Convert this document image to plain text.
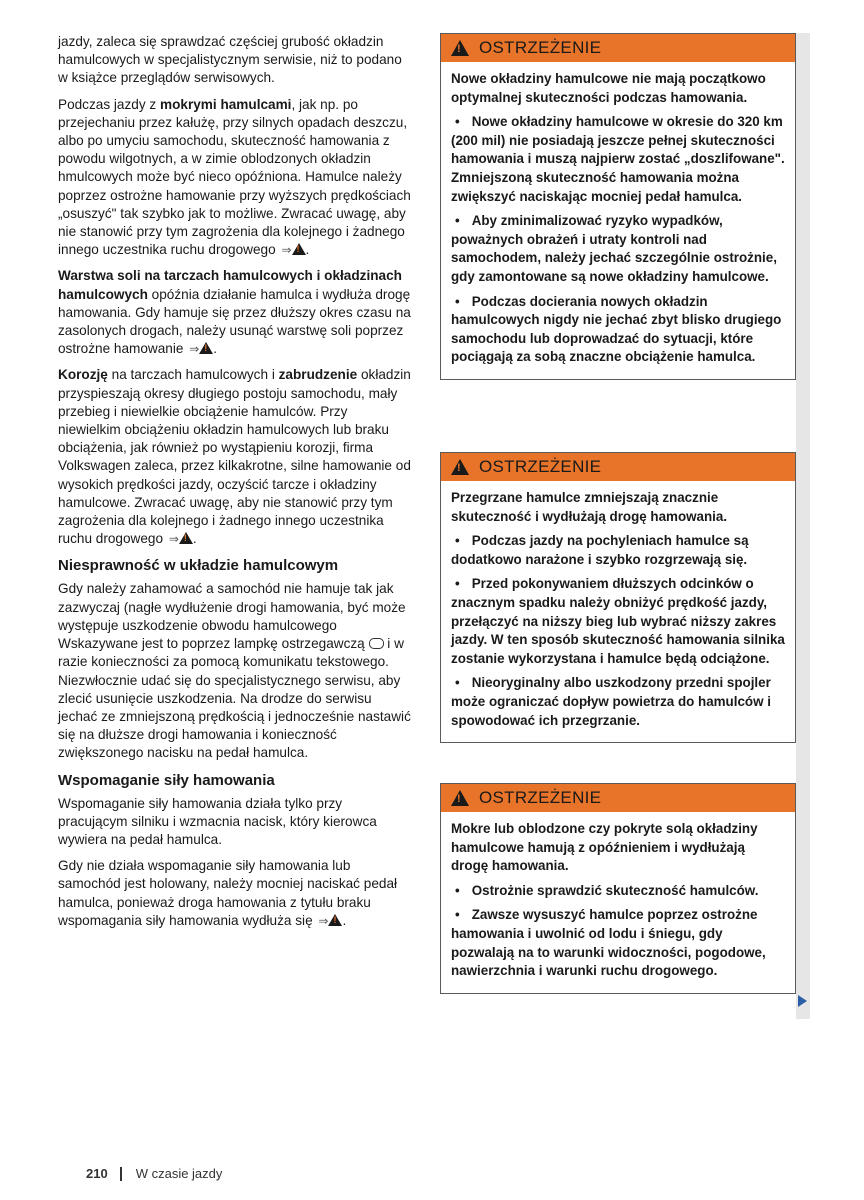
jazdy, zaleca się sprawdzać częściej grubość okładzin hamulcowych w specjalistycznym serwisie, niż to podano w książce przeglądów serwisowych.

Podczas jazdy z mokrymi hamulcami, jak np. po przejechaniu przez kałużę, przy silnych opadach deszczu, albo po umyciu samochodu, skuteczność hamowania z powodu wilgotnych, a w zimie oblodzonych okładzin hmulcowych może być nieco opóźniona. Hamulce należy poprzez ostrożne hamowanie przy wyższych prędkościach „osuszyć" tak szybko jak to możliwe. Zwracać uwagę, aby nie stanowić przy tym zagrożenia dla kolejnego i żadnego innego uczestnika ruchu drogowego ⇒ ! .

Warstwa soli na tarczach hamulcowych i okładzinach hamulcowych opóźnia działanie hamulca i wydłuża drogę hamowania. Gdy hamuje się przez dłuższy okres czasu na zasolonych drogach, należy usunąć warstwę soli poprzez ostrożne hamowanie ⇒ ! .

Korozję na tarczach hamulcowych i zabrudzenie okładzin przyspieszają okresy długiego postoju samochodu, mały przebieg i niewielkie obciążenie hamulców. Przy niewielkim obciążeniu okładzin hamulcowych lub braku obciążenia, jak również po wystąpieniu korozji, firma Volkswagen zaleca, przez kilkakrotne, silne hamowanie od wysokich prędkości jazdy, oczyścić tarcze i okładziny hamulcowe. Zwracać uwagę, aby nie stanowić przy tym zagrożenia dla kolejnego i żadnego innego uczestnika ruchu drogowego ⇒ ! .

Niesprawność w układzie hamulcowym

Gdy należy zahamować a samochód nie hamuje tak jak zazwyczaj (nagłe wydłużenie drogi hamowania, być może występuje uszkodzenie obwodu hamulcowego Wskazywane jest to poprzez lampkę ostrzegawczą  i w razie konieczności za pomocą komunikatu tekstowego. Niezwłocznie udać się do specjalistycznego serwisu, aby zlecić usunięcie uszkodzenia. Na drodze do serwisu jechać ze zmniejszoną prędkością i jednocześnie nastawić się na dłuższe drogi hamowania i konieczność zwiększonego nacisku na pedał hamulca.

Wspomaganie siły hamowania

Wspomaganie siły hamowania działa tylko przy pracującym silniku i wzmacnia nacisk, który kierowca wywiera na pedał hamulca.

Gdy nie działa wspomaganie siły hamowania lub samochód jest holowany, należy mocniej naciskać pedał hamulca, ponieważ droga hamowania z tytułu braku wspomagania siły hamowania wydłuża się ⇒ ! .

!
OSTRZEŻENIE

Nowe okładziny hamulcowe nie mają początkowo optymalnej skuteczności podczas hamowania.

• Nowe okładziny hamulcowe w okresie do 320 km (200 mil) nie posiadają jeszcze pełnej skuteczności hamowania i muszą najpierw zostać „doszlifowane". Zmniejszoną skuteczność hamowania można zwiększyć naciskając mocniej pedał hamulca.

• Aby zminimalizować ryzyko wypadków, poważnych obrażeń i utraty kontroli nad samochodem, należy jechać szczególnie ostrożnie, gdy zamontowane są nowe okładziny hamulcowe.

• Podczas docierania nowych okładzin hamulcowych nigdy nie jechać zbyt blisko drugiego samochodu lub doprowadzać do sytuacji, które pociągają za sobą znaczne obciążenie hamulca.

!
OSTRZEŻENIE

Przegrzane hamulce zmniejszają znacznie skuteczność i wydłużają drogę hamowania.

• Podczas jazdy na pochyleniach hamulce są dodatkowo narażone i szybko rozgrzewają się.

• Przed pokonywaniem dłuższych odcinków o znacznym spadku należy obniżyć prędkość jazdy, przełączyć na niższy bieg lub wybrać niższy zakres jazdy. W ten sposób skuteczność hamowania silnika zostanie wykorzystana i hamulce będą odciążone.

• Nieoryginalny albo uszkodzony przedni spojler może ograniczać dopływ powietrza do hamulców i spowodować ich przegrzanie.

!
OSTRZEŻENIE

Mokre lub oblodzone czy pokryte solą okładziny hamulcowe hamują z opóźnieniem i wydłużają drogę hamowania.

• Ostrożnie sprawdzić skuteczność hamulców.

• Zawsze wysuszyć hamulce poprzez ostrożne hamowania i uwolnić od lodu i śniegu, gdy pozwalają na to warunki widoczności, pogodowe, nawierzchnia i warunki ruchu drogowego.

210 W czasie jazdy
